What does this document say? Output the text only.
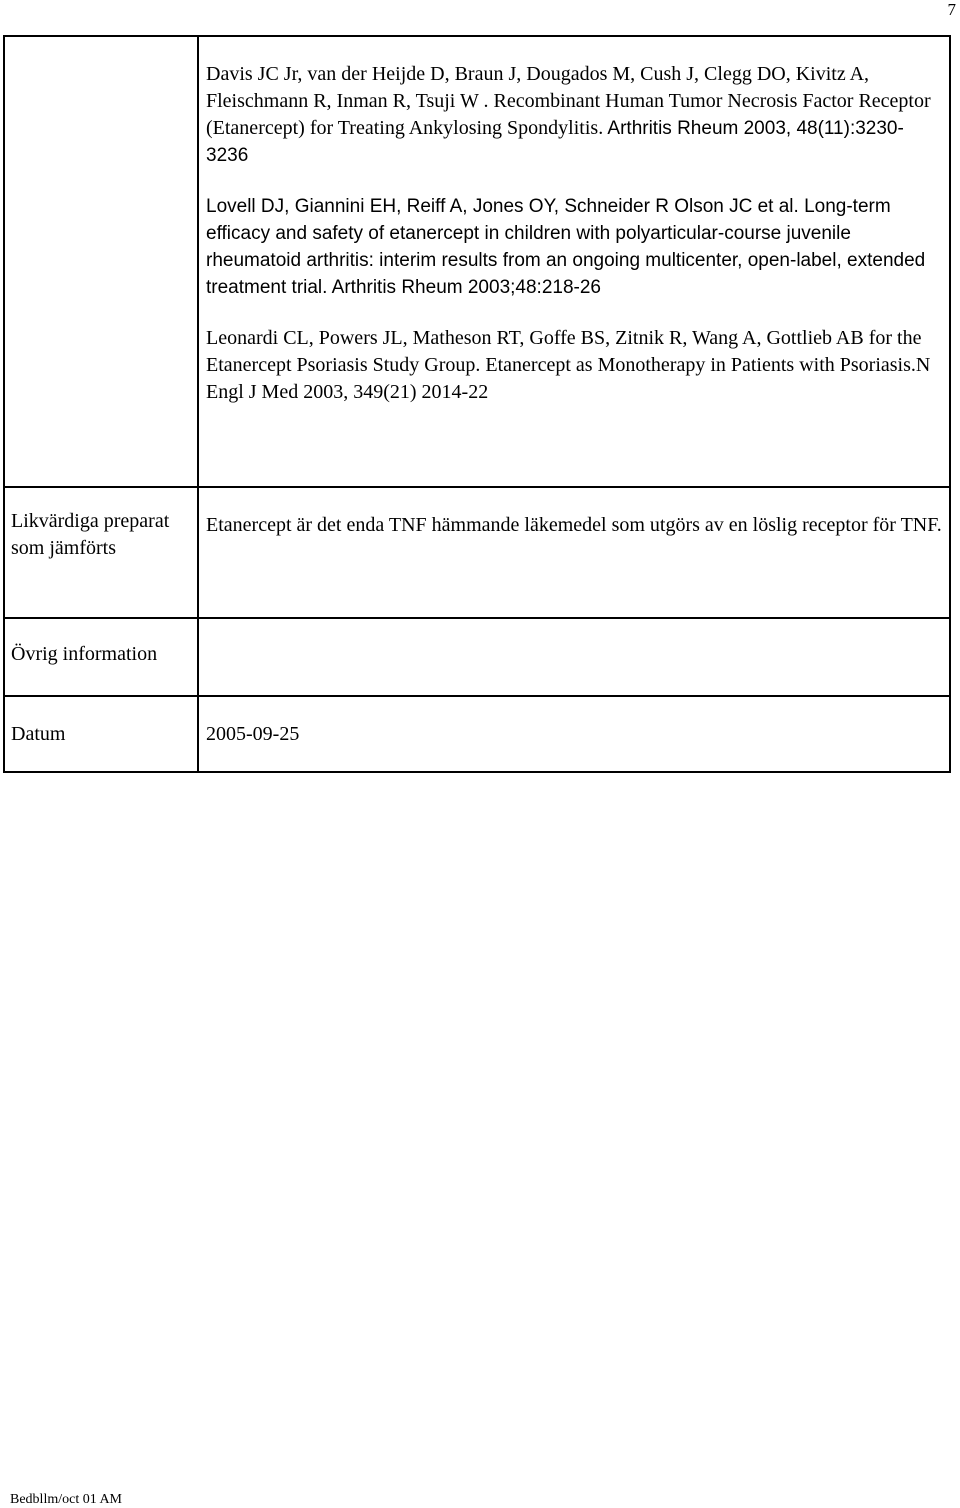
7

	Davis JC Jr, van der Heijde D, Braun J, Dougados M, Cush J, Clegg DO, Kivitz A, Fleischmann R, Inman R, Tsuji W . Recombinant Human Tumor Necrosis Factor Receptor (Etanercept) for Treating Ankylosing Spondylitis. Arthritis Rheum 2003, 48(11):3230-3236

Lovell DJ, Giannini EH, Reiff A, Jones OY, Schneider R Olson JC et al. Long-term efficacy and safety of etanercept in children with polyarticular-course juvenile rheumatoid arthritis: interim results from an ongoing multicenter, open-label, extended treatment trial. Arthritis Rheum 2003;48:218-26

Leonardi CL, Powers JL, Matheson RT, Goffe BS, Zitnik R, Wang A, Gottlieb AB for the Etanercept Psoriasis Study Group. Etanercept as Monotherapy in Patients with Psoriasis.N Engl J Med 2003, 349(21) 2014-22

Likvärdiga preparat som jämförts	Etanercept är det enda TNF hämmande läkemedel som utgörs av en löslig receptor för TNF.
Övrig information	
Datum	2005-09-25
Bedbllm/oct 01 AM
